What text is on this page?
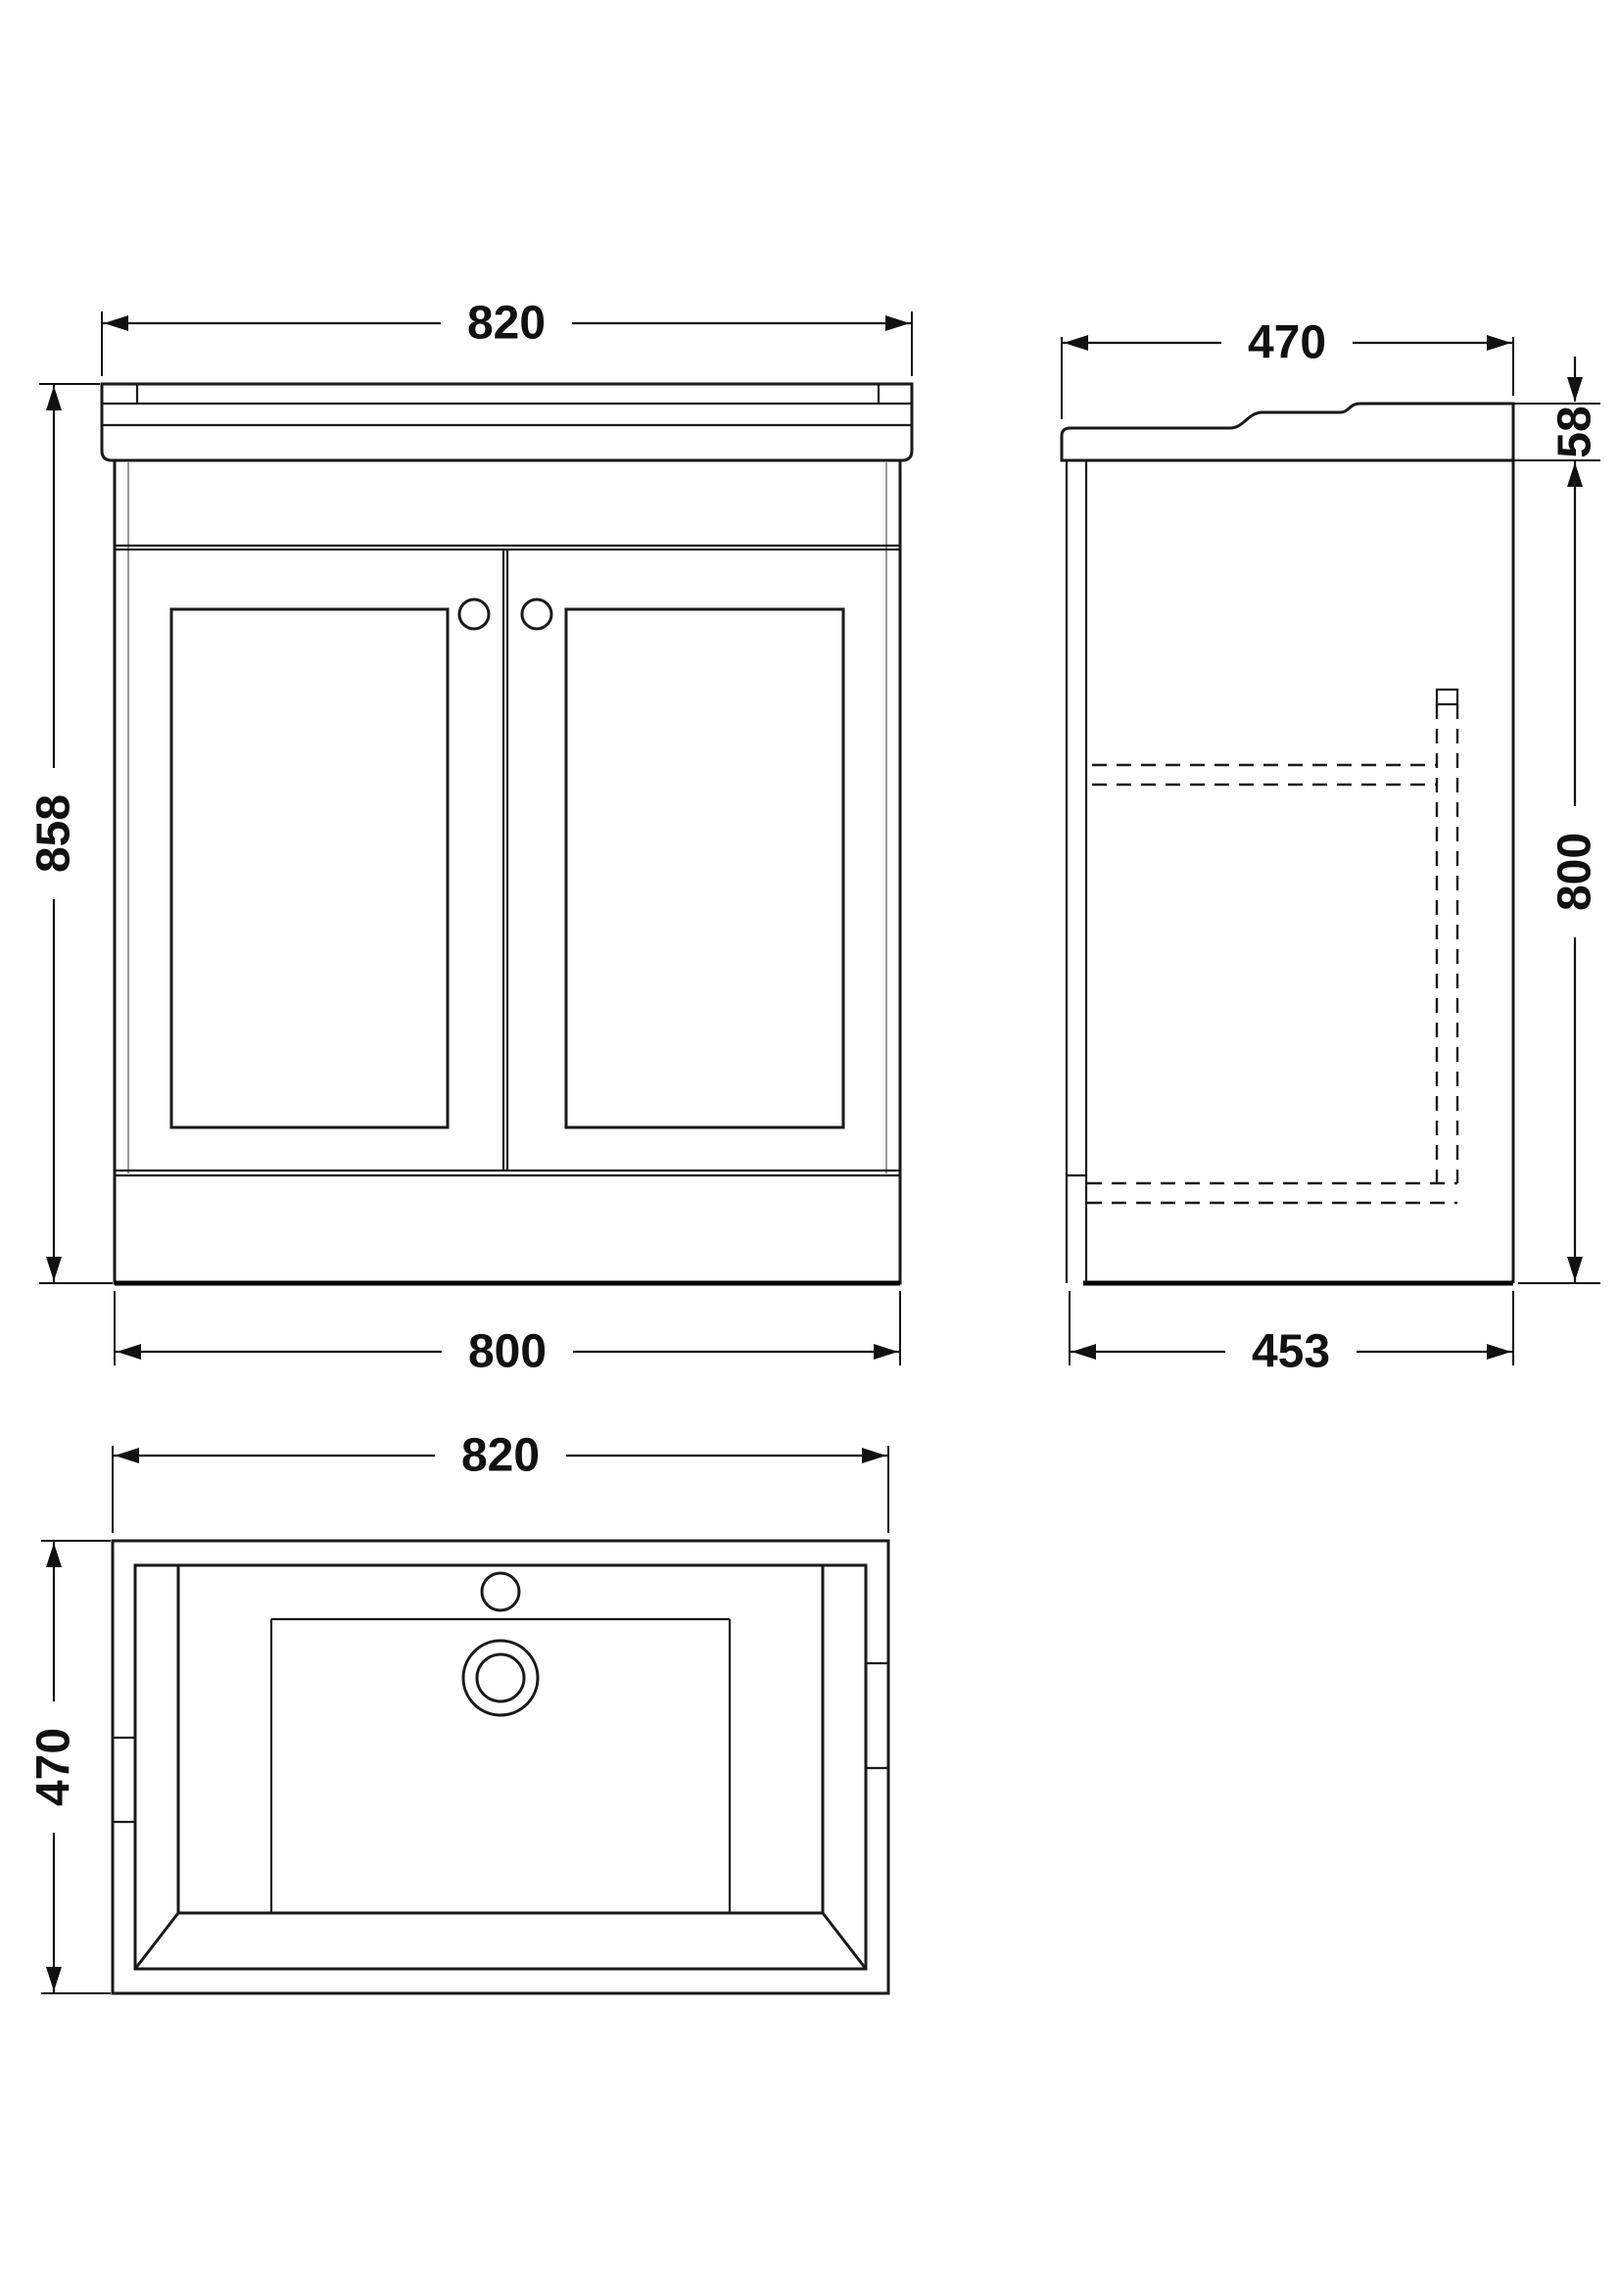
820
858
800
470
58
800
453
820
470
